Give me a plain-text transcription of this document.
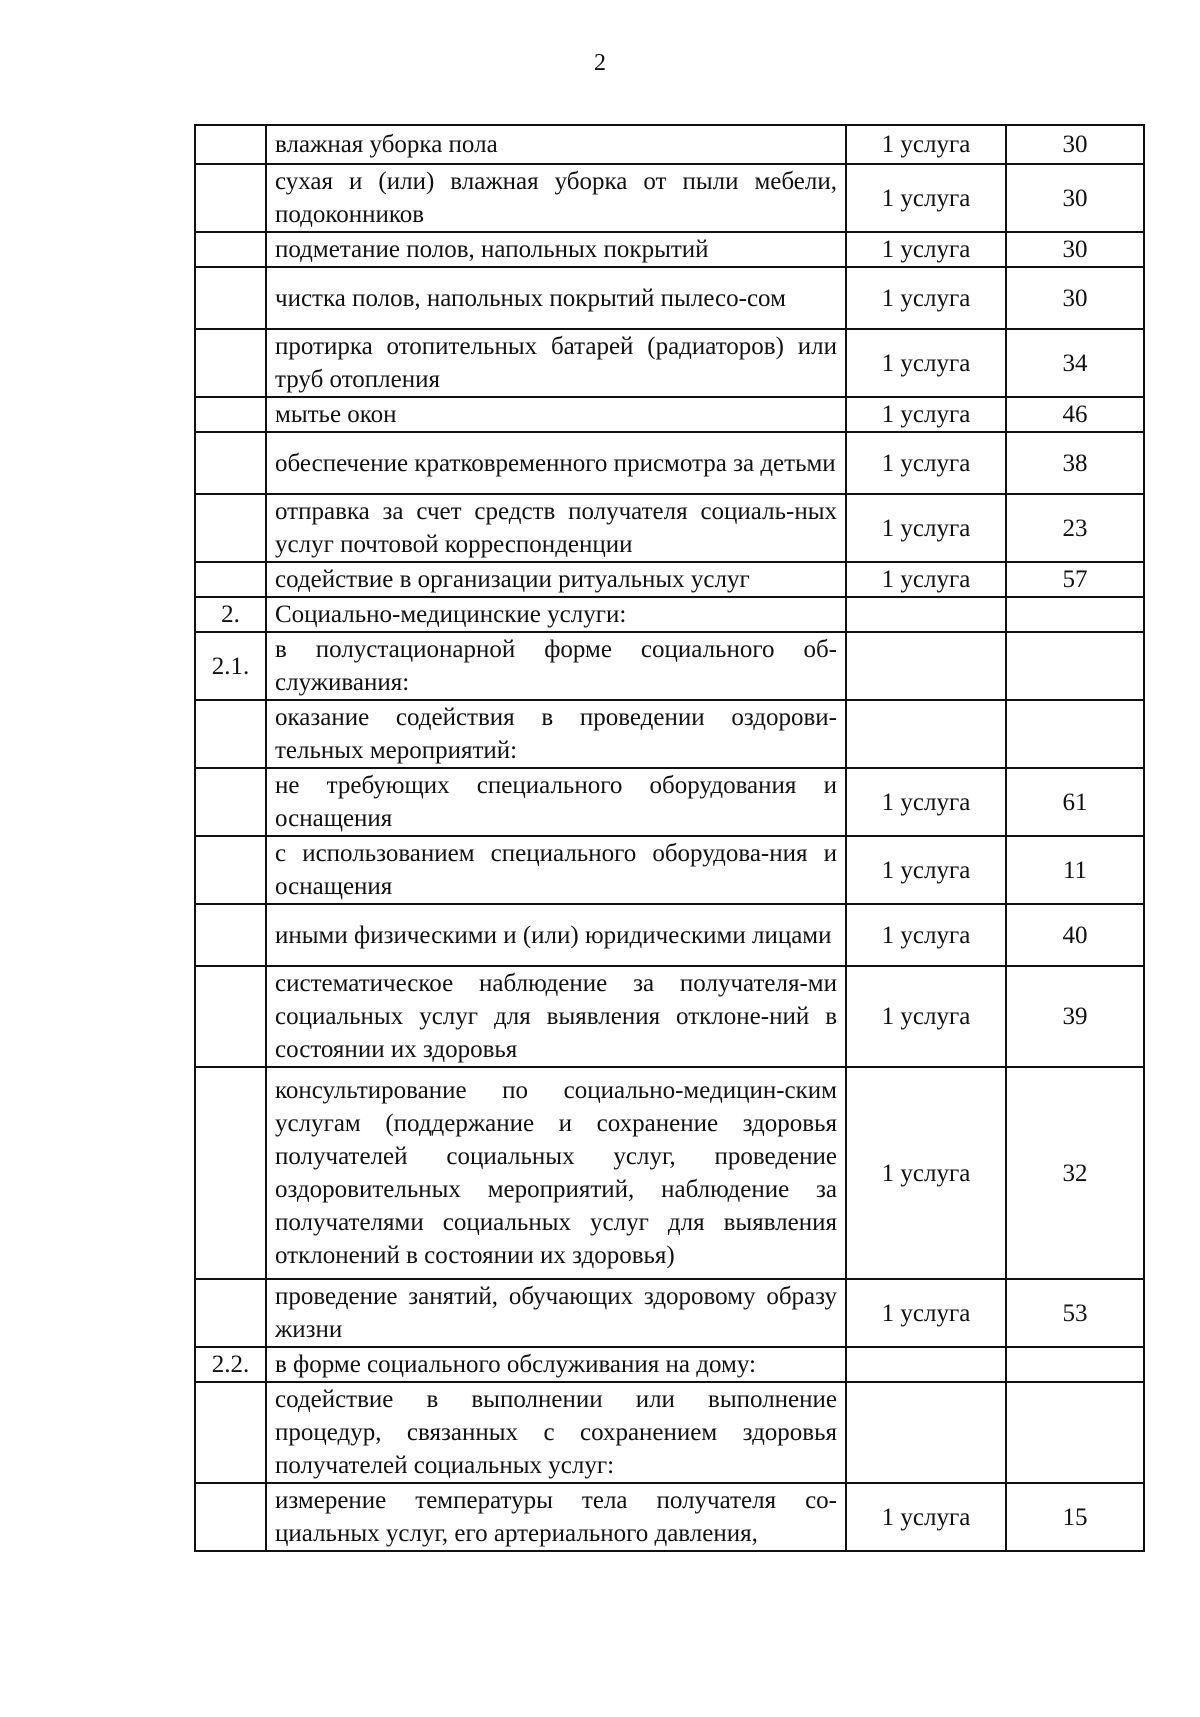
2
	влажная уборка пола	1 услуга	30
	сухая и (или) влажная уборка от пыли мебели, подоконников	1 услуга	30
	подметание полов, напольных покрытий	1 услуга	30
	чистка полов, напольных покрытий пылесо-сом	1 услуга	30
	протирка отопительных батарей (радиаторов) или труб отопления	1 услуга	34
	мытье окон	1 услуга	46
	обеспечение кратковременного присмотра за детьми	1 услуга	38
	отправка за счет средств получателя социаль-ных услуг почтовой корреспонденции	1 услуга	23
	содействие в организации ритуальных услуг	1 услуга	57
2.	Социально-медицинские услуги:		
2.1.	в полустационарной форме социального об-служивания:		
	оказание содействия в проведении оздорови-тельных мероприятий:		
	не требующих специального оборудования и оснащения	1 услуга	61
	с использованием специального оборудова-ния и оснащения	1 услуга	11
	иными физическими и (или) юридическими лицами	1 услуга	40
	систематическое наблюдение за получателя-ми социальных услуг для выявления отклоне-ний в состоянии их здоровья	1 услуга	39
	консультирование по социально-медицин-ским услугам (поддержание и сохранение здоровья получателей социальных услуг, проведение оздоровительных мероприятий, наблюдение за получателями социальных услуг для выявления отклонений в состоянии их здоровья)	1 услуга	32
	проведение занятий, обучающих здоровому образу жизни	1 услуга	53
2.2.	в форме социального обслуживания на дому:		
	содействие в выполнении или выполнение процедур, связанных с сохранением здоровья получателей социальных услуг:		
	измерение температуры тела получателя со-циальных услуг, его артериального давления,	1 услуга	15
